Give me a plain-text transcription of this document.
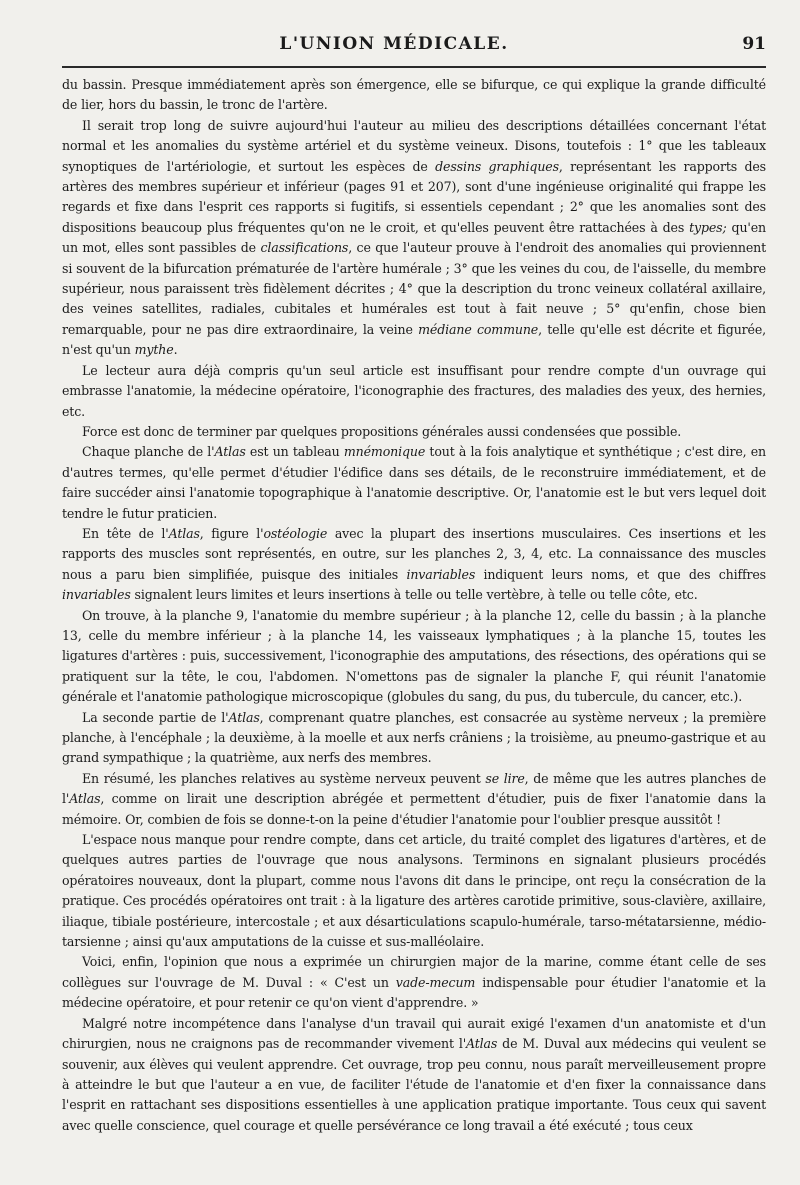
L'UNION MÉDICALE.	91

du bassin. Presque immédiatement après son émergence, elle se bifurque, ce qui explique la grande difficulté de lier, hors du bassin, le tronc de l'artère.

Il serait trop long de suivre aujourd'hui l'auteur au milieu des descriptions détaillées concernant l'état normal et les anomalies du système artériel et du système veineux. Disons, toutefois : 1° que les tableaux synoptiques de l'artériologie, et surtout les espèces de dessins graphiques, représentant les rapports des artères des membres supérieur et inférieur (pages 91 et 207), sont d'une ingénieuse originalité qui frappe les regards et fixe dans l'esprit ces rapports si fugitifs, si essentiels cependant ; 2° que les anomalies sont des dispositions beaucoup plus fréquentes qu'on ne le croit, et qu'elles peuvent être rattachées à des types; qu'en un mot, elles sont passibles de classifications, ce que l'auteur prouve à l'endroit des anomalies qui proviennent si souvent de la bifurcation prématurée de l'artère humérale ; 3° que les veines du cou, de l'aisselle, du membre supérieur, nous paraissent très fidèlement décrites ; 4° que la description du tronc veineux collatéral axillaire, des veines satellites, radiales, cubitales et humérales est tout à fait neuve ; 5° qu'enfin, chose bien remarquable, pour ne pas dire extraordinaire, la veine médiane commune, telle qu'elle est décrite et figurée, n'est qu'un mythe.

Le lecteur aura déjà compris qu'un seul article est insuffisant pour rendre compte d'un ouvrage qui embrasse l'anatomie, la médecine opératoire, l'iconographie des fractures, des maladies des yeux, des hernies, etc.

Force est donc de terminer par quelques propositions générales aussi condensées que possible.

Chaque planche de l'Atlas est un tableau mnémonique tout à la fois analytique et synthétique ; c'est dire, en d'autres termes, qu'elle permet d'étudier l'édifice dans ses détails, de le reconstruire immédiatement, et de faire succéder ainsi l'anatomie topographique à l'anatomie descriptive. Or, l'anatomie est le but vers lequel doit tendre le futur praticien.

En tête de l'Atlas, figure l'ostéologie avec la plupart des insertions musculaires. Ces insertions et les rapports des muscles sont représentés, en outre, sur les planches 2, 3, 4, etc. La connaissance des muscles nous a paru bien simplifiée, puisque des initiales invariables indiquent leurs noms, et que des chiffres invariables signalent leurs limites et leurs insertions à telle ou telle vertèbre, à telle ou telle côte, etc.

On trouve, à la planche 9, l'anatomie du membre supérieur ; à la planche 12, celle du bassin ; à la planche 13, celle du membre inférieur ; à la planche 14, les vaisseaux lymphatiques ; à la planche 15, toutes les ligatures d'artères : puis, successivement, l'iconographie des amputations, des résections, des opérations qui se pratiquent sur la tête, le cou, l'abdomen. N'omettons pas de signaler la planche F, qui réunit l'anatomie générale et l'anatomie pathologique microscopique (globules du sang, du pus, du tubercule, du cancer, etc.).

La seconde partie de l'Atlas, comprenant quatre planches, est consacrée au système nerveux ; la première planche, à l'encéphale ; la deuxième, à la moelle et aux nerfs crâniens ; la troisième, au pneumo-gastrique et au grand sympathique ; la quatrième, aux nerfs des membres.

En résumé, les planches relatives au système nerveux peuvent se lire, de même que les autres planches de l'Atlas, comme on lirait une description abrégée et permettent d'étudier, puis de fixer l'anatomie dans la mémoire. Or, combien de fois se donne-t-on la peine d'étudier l'anatomie pour l'oublier presque aussitôt !

L'espace nous manque pour rendre compte, dans cet article, du traité complet des ligatures d'artères, et de quelques autres parties de l'ouvrage que nous analysons. Terminons en signalant plusieurs procédés opératoires nouveaux, dont la plupart, comme nous l'avons dit dans le principe, ont reçu la consécration de la pratique. Ces procédés opératoires ont trait : à la ligature des artères carotide primitive, sous-clavière, axillaire, iliaque, tibiale postérieure, intercostale ; et aux désarticulations scapulo-humérale, tarso-métatarsienne, médio-tarsienne ; ainsi qu'aux amputations de la cuisse et sus-malléolaire.

Voici, enfin, l'opinion que nous a exprimée un chirurgien major de la marine, comme étant celle de ses collègues sur l'ouvrage de M. Duval : « C'est un vade-mecum indispensable pour étudier l'anatomie et la médecine opératoire, et pour retenir ce qu'on vient d'apprendre. »

Malgré notre incompétence dans l'analyse d'un travail qui aurait exigé l'examen d'un anatomiste et d'un chirurgien, nous ne craignons pas de recommander vivement l'Atlas de M. Duval aux médecins qui veulent se souvenir, aux élèves qui veulent apprendre. Cet ouvrage, trop peu connu, nous paraît merveilleusement propre à atteindre le but que l'auteur a en vue, de faciliter l'étude de l'anatomie et d'en fixer la connaissance dans l'esprit en rattachant ses dispositions essentielles à une application pratique importante. Tous ceux qui savent avec quelle conscience, quel courage et quelle persévérance ce long travail a été exécuté ; tous ceux
